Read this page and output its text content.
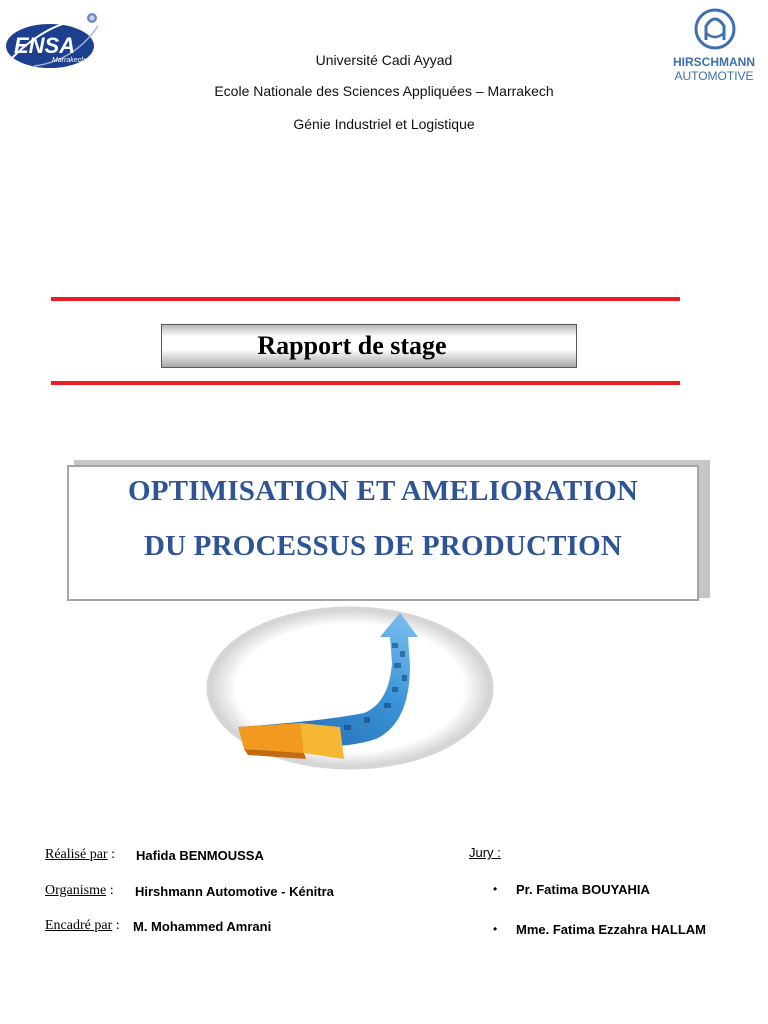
ENSA
Marrakech	HIRSCHMANN
AUTOMOTIVE
Université Cadi Ayyad
Ecole Nationale des Sciences Appliquées – Marrakech
Génie Industriel et Logistique
Rapport de stage
OPTIMISATION ET AMELIORATION
DU PROCESSUS DE PRODUCTION
Réalisé par : Hafida BENMOUSSA
Organisme : Hirshmann Automotive - Kénitra
Encadré par : M. Mohammed Amrani
Jury :
• Pr. Fatima BOUYAHIA
• Mme. Fatima Ezzahra HALLAM
